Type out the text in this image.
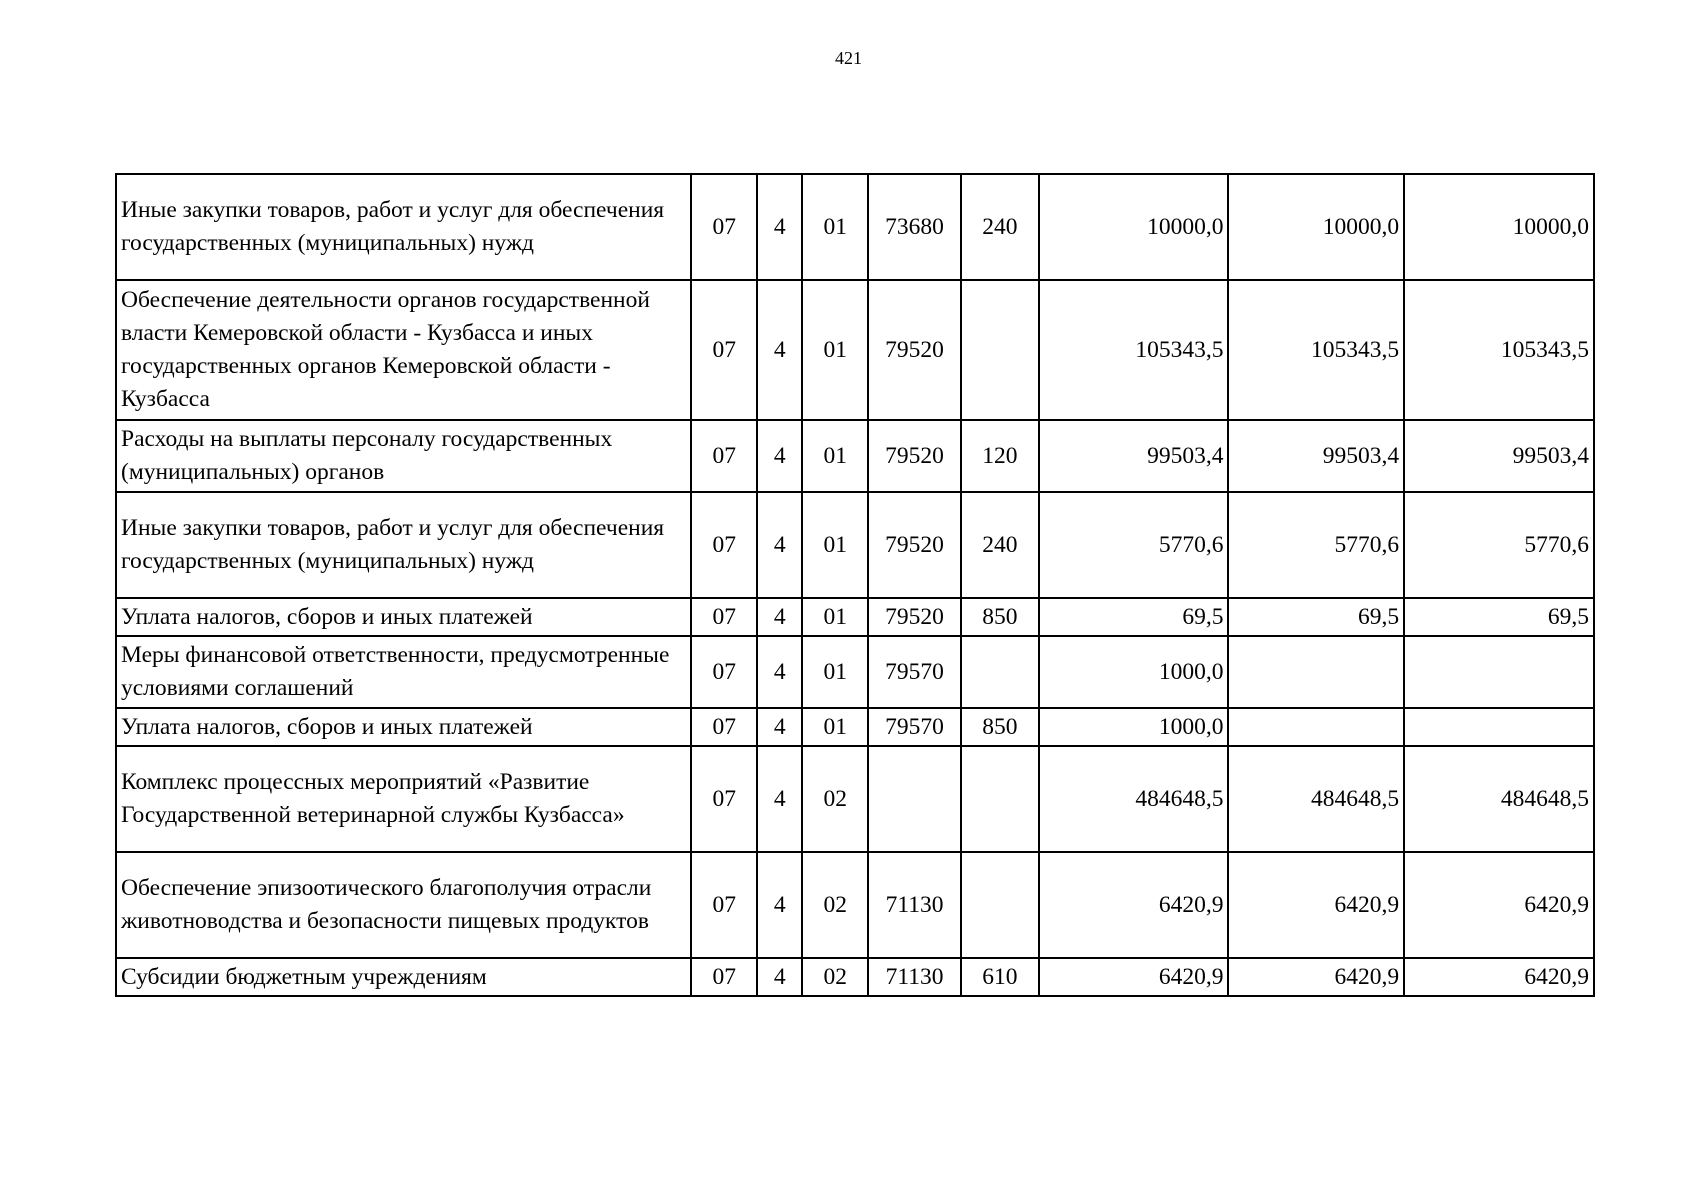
421
Иные закупки товаров, работ и услуг для обеспечения государственных (муниципальных) нужд	07	4	01	73680	240	10000,0	10000,0	10000,0
Обеспечение деятельности органов государственной власти Кемеровской области - Кузбасса и иных государственных органов Кемеровской области - Кузбасса	07	4	01	79520		105343,5	105343,5	105343,5
Расходы на выплаты персоналу государственных (муниципальных) органов	07	4	01	79520	120	99503,4	99503,4	99503,4
Иные закупки товаров, работ и услуг для обеспечения государственных (муниципальных) нужд	07	4	01	79520	240	5770,6	5770,6	5770,6
Уплата налогов, сборов и иных платежей	07	4	01	79520	850	69,5	69,5	69,5
Меры финансовой ответственности, предусмотренные условиями соглашений	07	4	01	79570		1000,0		
Уплата налогов, сборов и иных платежей	07	4	01	79570	850	1000,0		
Комплекс процессных мероприятий «Развитие Государственной ветеринарной службы Кузбасса»	07	4	02			484648,5	484648,5	484648,5
Обеспечение эпизоотического благополучия отрасли животноводства и безопасности пищевых продуктов	07	4	02	71130		6420,9	6420,9	6420,9
Субсидии бюджетным учреждениям	07	4	02	71130	610	6420,9	6420,9	6420,9
